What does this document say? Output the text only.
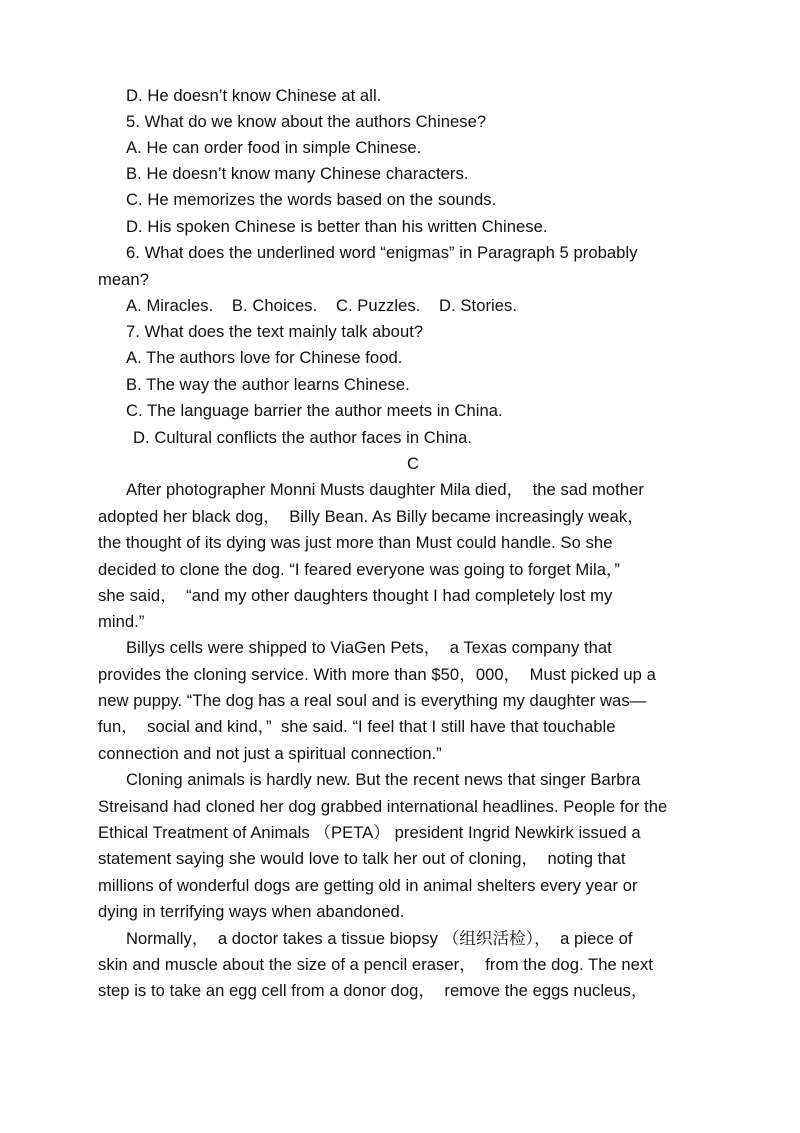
D. He doesn’t know Chinese at all.
5. What do we know about the authors Chinese?
A. He can order food in simple Chinese.
B. He doesn’t know many Chinese characters.
C. He memorizes the words based on the sounds.
D. His spoken Chinese is better than his written Chinese.
6. What does the underlined word “enigmas” in Paragraph 5 probably
mean?
A. Miracles.    B. Choices.    C. Puzzles.    D. Stories.
7. What does the text mainly talk about?
A. The authors love for Chinese food.
B. The way the author learns Chinese.
C. The language barrier the author meets in China.
D. Cultural conflicts the author faces in China.
C
After photographer Monni Musts daughter Mila died，  the sad mother
adopted her black dog，  Billy Bean. As Billy became increasingly weak，
the thought of its dying was just more than Must could handle. So she
decided to clone the dog. “I feared everyone was going to forget Mila，”
she said，  “and my other daughters thought I had completely lost my
mind.”
Billys cells were shipped to ViaGen Pets，  a Texas company that
provides the cloning service. With more than $50，000，  Must picked up a
new puppy. “The dog has a real soul and is everything my daughter was—
fun，  social and kind，”  she said. “I feel that I still have that touchable
connection and not just a spiritual connection.”
Cloning animals is hardly new. But the recent news that singer Barbra
Streisand had cloned her dog grabbed international headlines. People for the
Ethical Treatment of Animals （PETA） president Ingrid Newkirk issued a
statement saying she would love to talk her out of cloning，  noting that
millions of wonderful dogs are getting old in animal shelters every year or
dying in terrifying ways when abandoned.
Normally，  a doctor takes a tissue biopsy （组织活检），  a piece of
skin and muscle about the size of a pencil eraser，  from the dog. The next
step is to take an egg cell from a donor dog，  remove the eggs nucleus，
